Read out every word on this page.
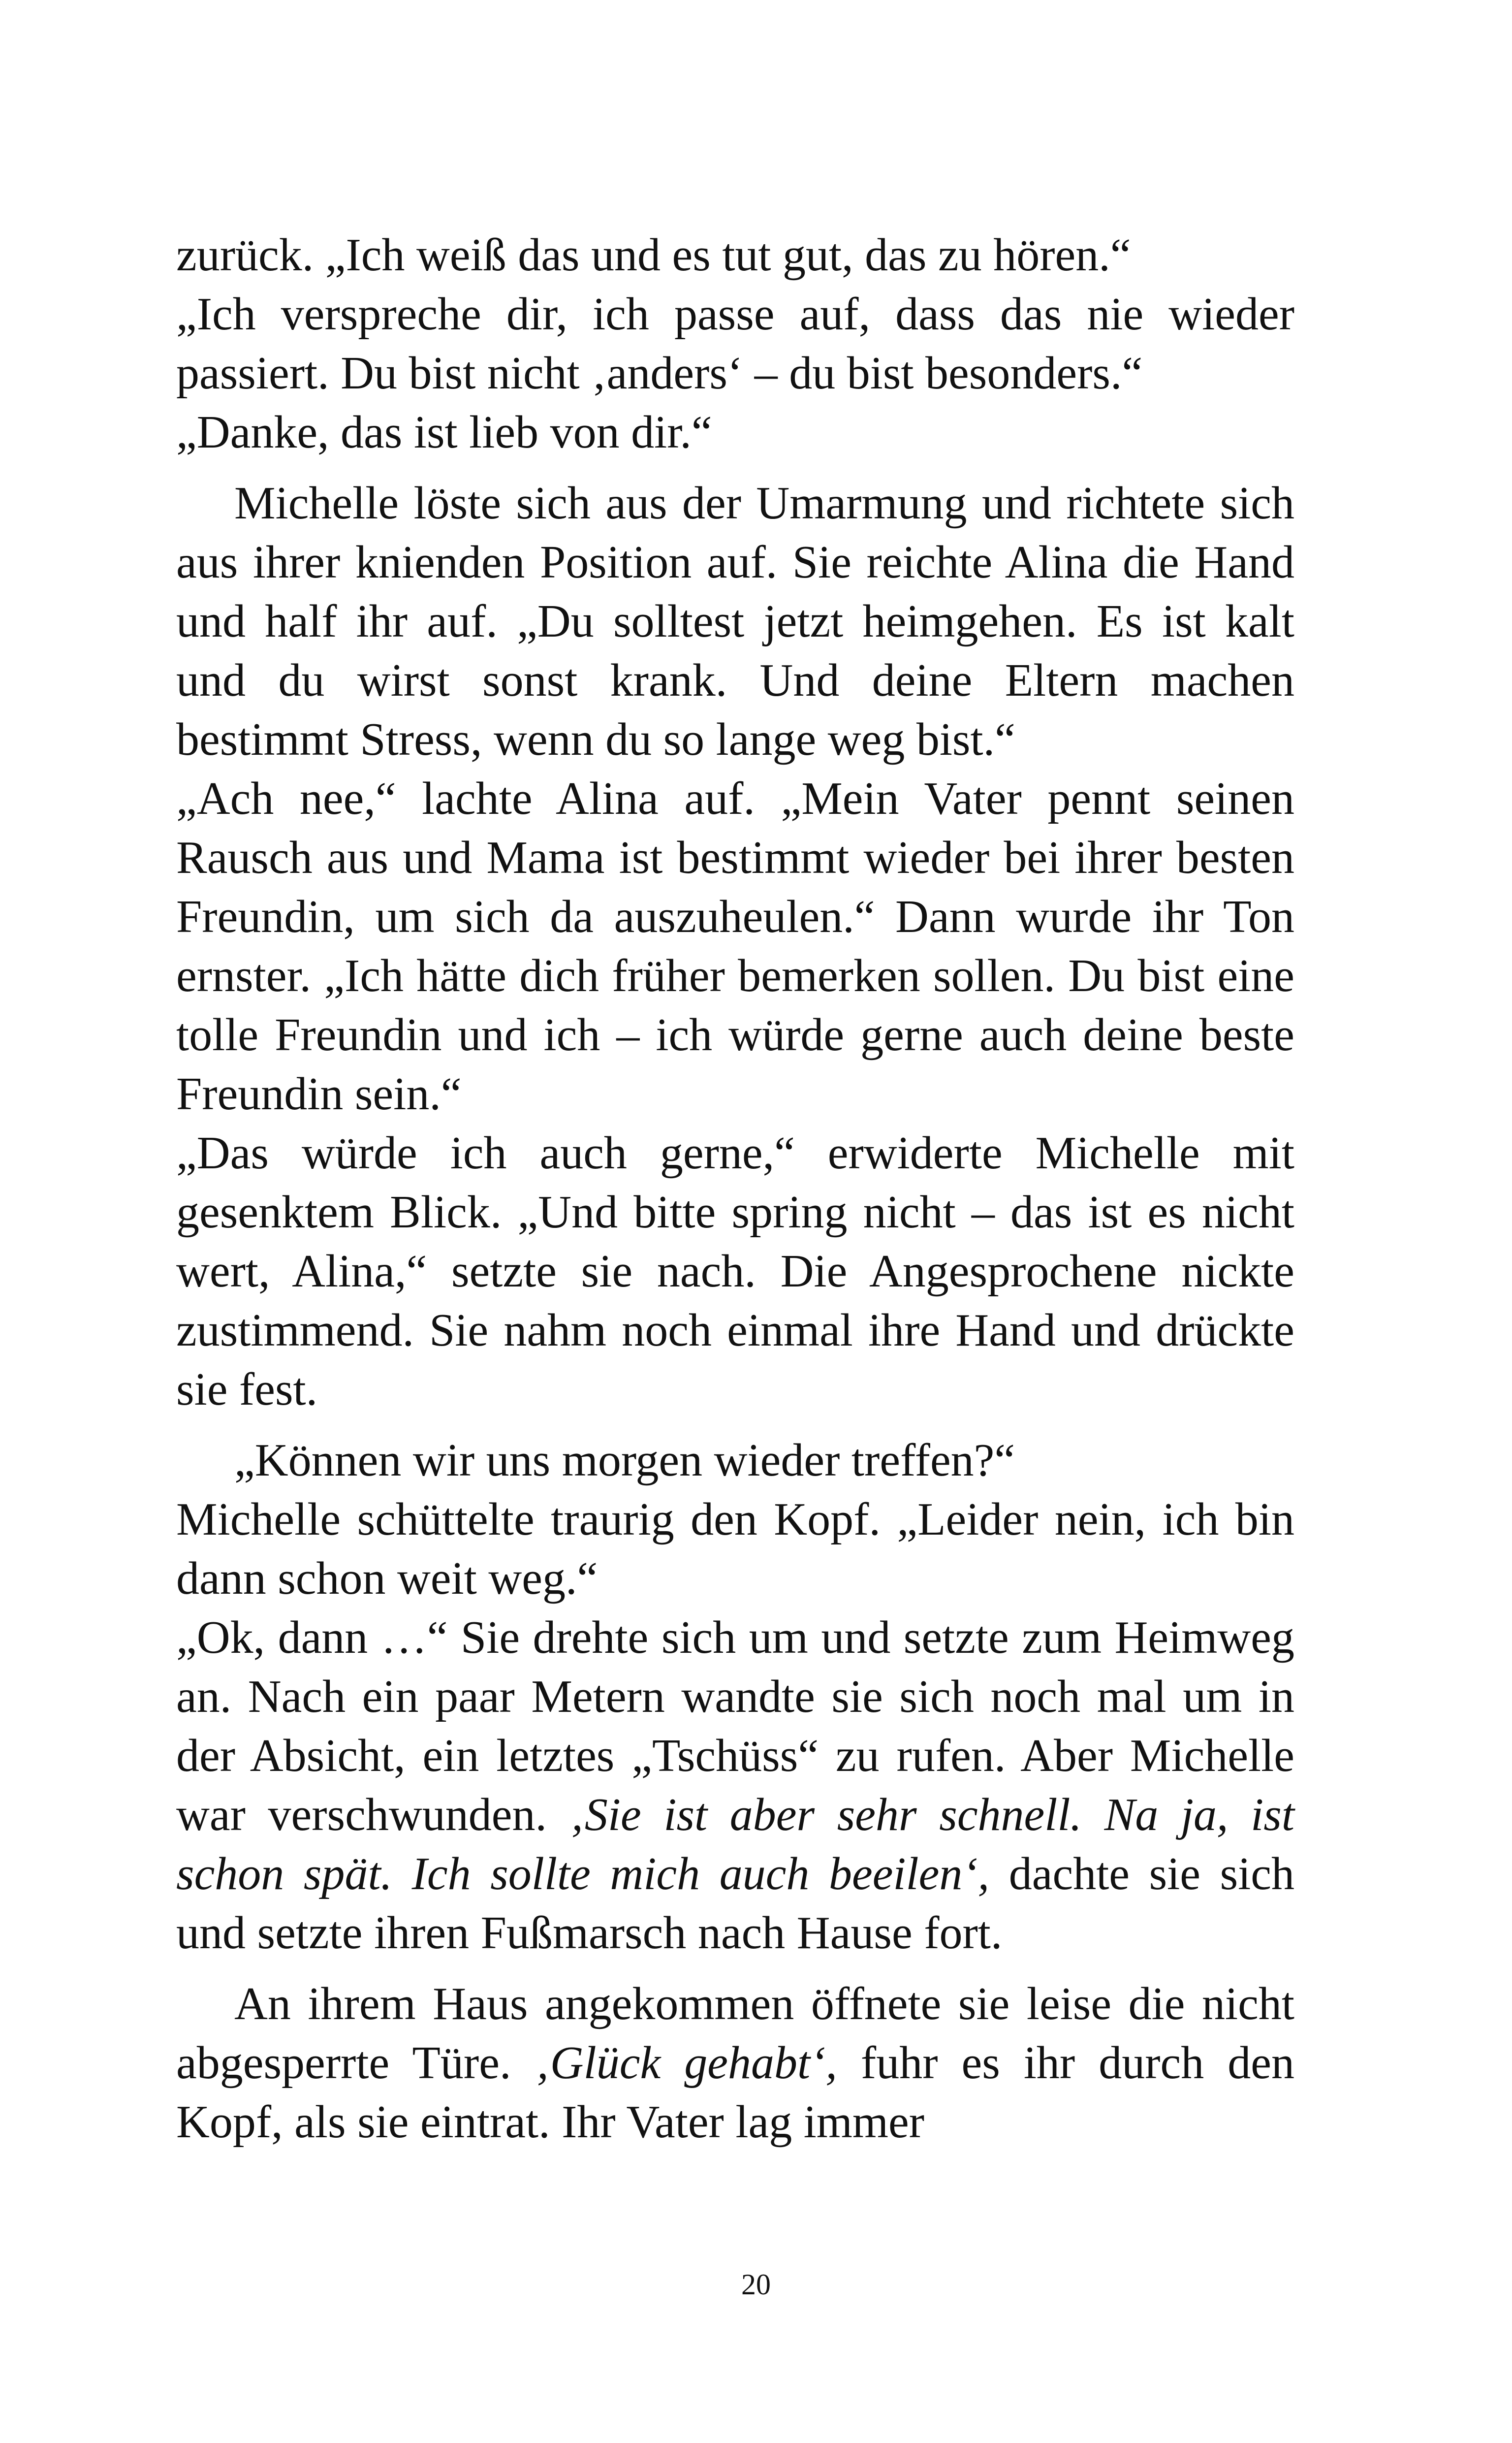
zurück. „Ich weiß das und es tut gut, das zu hören.“

„Ich verspreche dir, ich passe auf, dass das nie wieder passiert. Du bist nicht ‚anders‘ – du bist besonders.“

„Danke, das ist lieb von dir.“

Michelle löste sich aus der Umarmung und richtete sich aus ihrer knienden Position auf. Sie reichte Alina die Hand und half ihr auf. „Du solltest jetzt heimgehen. Es ist kalt und du wirst sonst krank. Und deine Eltern machen bestimmt Stress, wenn du so lange weg bist.“

„Ach nee,“ lachte Alina auf. „Mein Vater pennt seinen Rausch aus und Mama ist bestimmt wieder bei ihrer besten Freundin, um sich da auszuheulen.“ Dann wurde ihr Ton ernster. „Ich hätte dich früher bemerken sollen. Du bist eine tolle Freundin und ich – ich würde gerne auch deine beste Freundin sein.“

„Das würde ich auch gerne,“ erwiderte Michelle mit gesenktem Blick. „Und bitte spring nicht – das ist es nicht wert, Alina,“ setzte sie nach. Die Angesprochene nickte zustimmend. Sie nahm noch einmal ihre Hand und drückte sie fest.

„Können wir uns morgen wieder treffen?“

Michelle schüttelte traurig den Kopf. „Leider nein, ich bin dann schon weit weg.“

„Ok, dann …“ Sie drehte sich um und setzte zum Heimweg an. Nach ein paar Metern wandte sie sich noch mal um in der Absicht, ein letztes „Tschüss“ zu rufen. Aber Michelle war verschwunden. ‚Sie ist aber sehr schnell. Na ja, ist schon spät. Ich sollte mich auch beeilen‘, dachte sie sich und setzte ihren Fußmarsch nach Hause fort.

An ihrem Haus angekommen öffnete sie leise die nicht abgesperrte Türe. ‚Glück gehabt‘, fuhr es ihr durch den Kopf, als sie eintrat. Ihr Vater lag immer

20
